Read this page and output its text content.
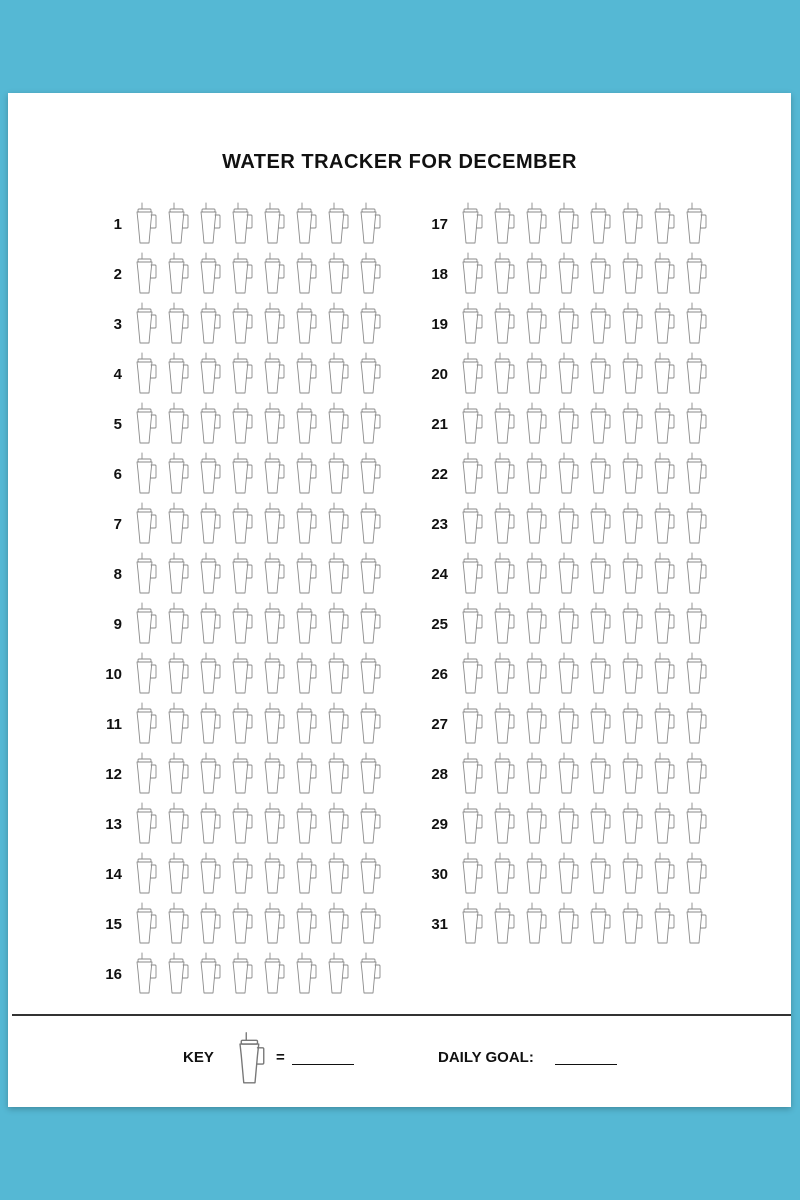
WATER TRACKER FOR DECEMBER
1
2
3
4
5
6
7
8
9
10
11
12
13
14
15
16
17
18
19
20
21
22
23
24
25
26
27
28
29
30
31
KEY	=	DAILY GOAL:
